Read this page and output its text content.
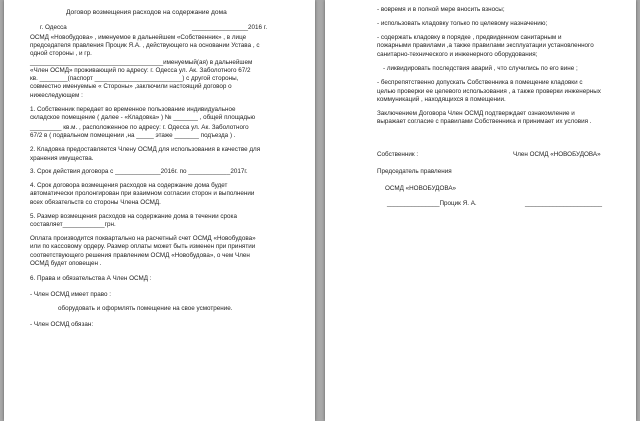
Договор возмещения расходов на содержание дома
г. Одесса	________________2016 г.
ОСМД «Новобудова» , именуемое в дальнейшем «Собственник» , в лице
председателя правления Процик Я.А. , действующего на основании Устава , с
одной стороны , и гр.
______________________________________именуемый(ая) в дальнейшем
«Член ОСМД» проживающий по адресу: г. Одесса ул. Ак. Заболотного 67/2
кв. ________(паспорт _________________________) с другой стороны,
совместно именуемые « Стороны» ,заключили настоящий договор о
нижеследующем :
1. Собственник передает во временное пользование индивидуальное
складское помещение ( далее - «Кладовка» ) № _______ , общей площадью
_________ кв.м. , расположенное по адресу: г. Одесса ул. Ак. Заболотного
67/2 в ( подвальном помещении ,на _____ этаже _______ подъезда ) .
2. Кладовка предоставляется Члену ОСМД для использования в качестве для
хранения имущества.
3. Срок действия договора с _____________2016г. по ____________2017г.
4. Срок договора возмещения расходов на содержание дома будет
автоматически пролонгирован при взаимном согласии сторон и выполнении
всех обязательств со стороны Члена ОСМД.
5. Размер возмещения расходов на содержание дома в течении срока
составляет____________грн.
Оплата производится поквартально на расчетный счет ОСМД «Новобудова»
или по кассовому ордеру. Размер оплаты может быть изменен при принятии
соответствующего решения правлением ОСМД «Новобудова», о чем Член
ОСМД будет оповещен .
6. Права и обязательства А Член ОСМД :
- Член ОСМД имеет право :
оборудовать и оформлять помещение на свое усмотрение.
- Член ОСМД обязан:
- вовремя и в полной мере вносить взносы;
- использовать кладовку только по целевому назначению;
- содержать кладовку в порядке , предвиденном санитарным и
пожарными правилами ,а также правилами эксплуатации установленного
санитарно-технического и инженерного оборудования;
- ликвидировать последствия аварий , что случились по его вине ;
- беспрепятственно допускать Собственника в помещение кладовки с
целью проверки ее целевого использования , а также проверки инженерных
коммуникаций , находящихся в помещении.
Заключением Договора Член ОСМД подтверждает ознакомление и
выражает согласие с правилами Собственника и принимает их условия .
Собственник :	Член ОСМД «НОВОБУДОВА»
Председатель правления
ОСМД «НОВОБУДОВА»
_______________Процик Я. А.	______________________
